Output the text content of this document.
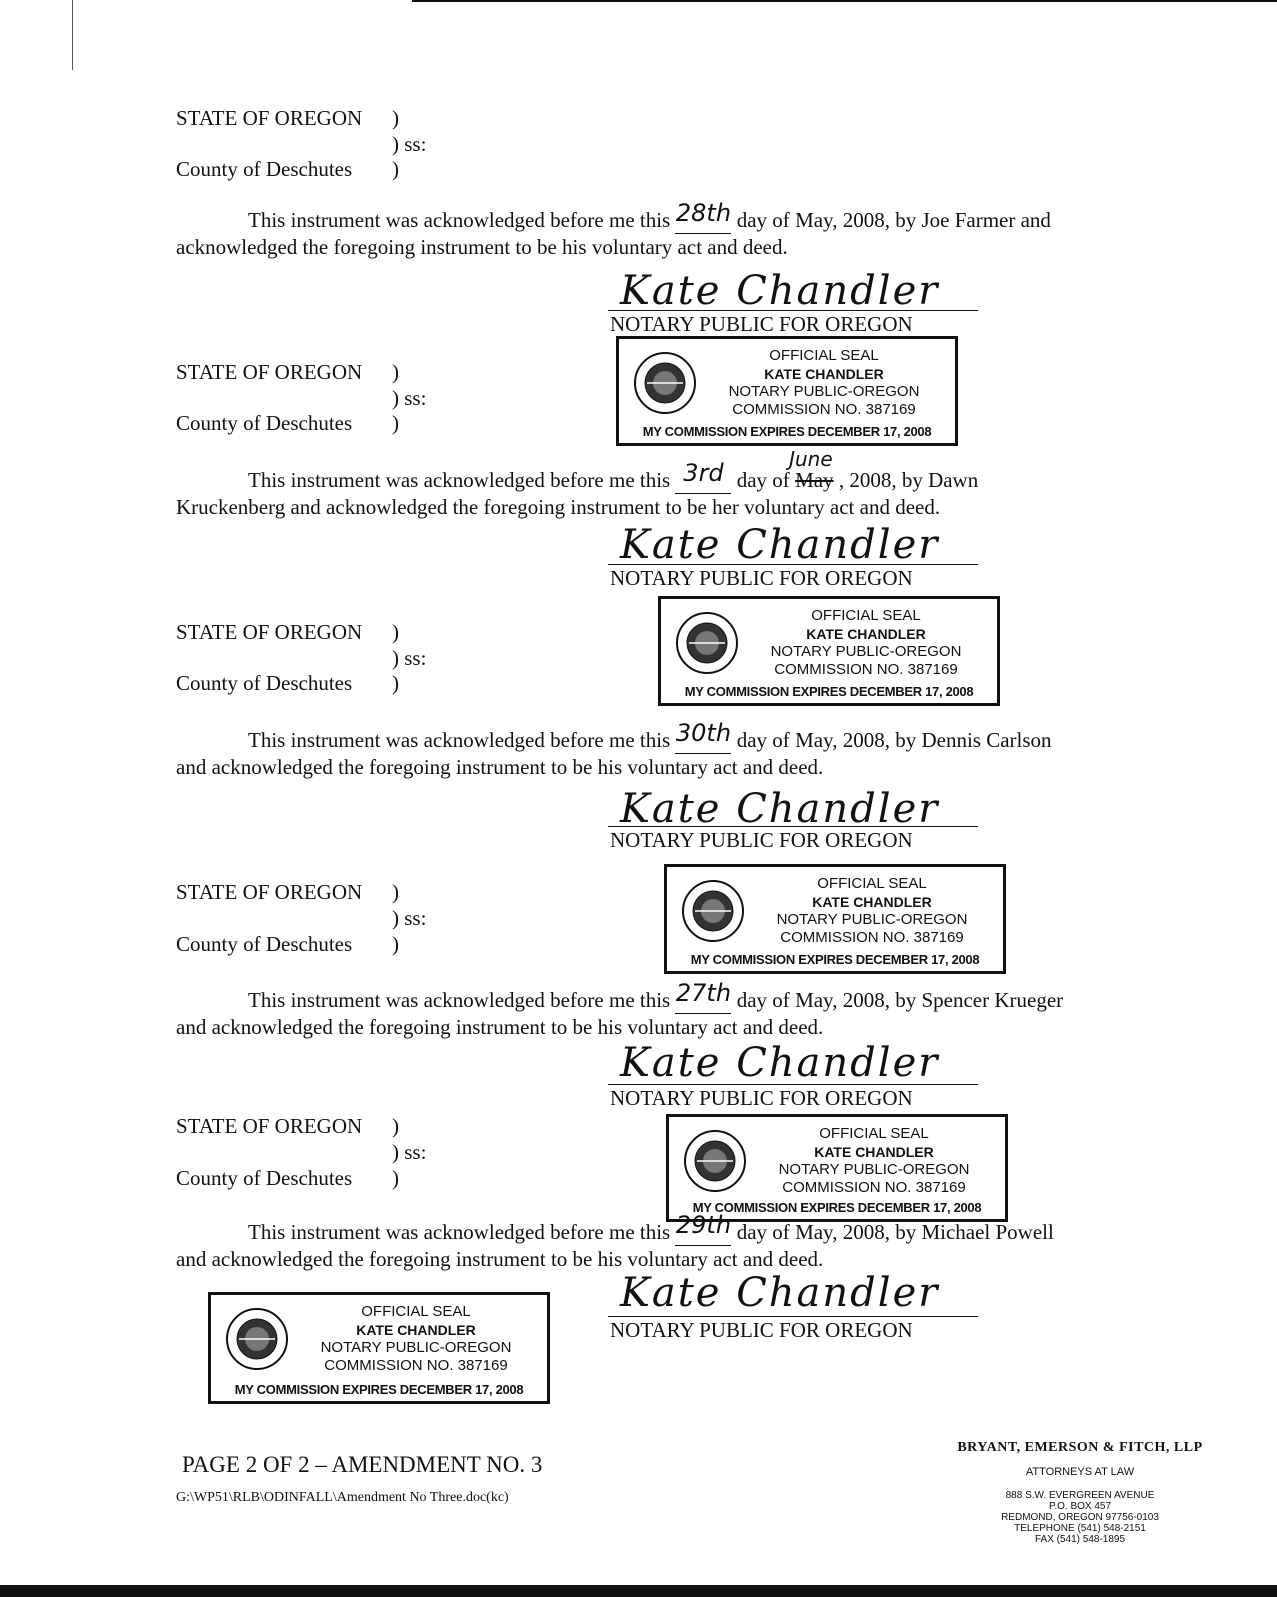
STATE OF OREGON )
) ss:
County of Deschutes )
This instrument was acknowledged before me this 28th day of May, 2008, by Joe Farmer and
acknowledged the foregoing instrument to be his voluntary act and deed.
Kate Chandler
NOTARY PUBLIC FOR OREGON
OFFICIAL SEAL
KATE CHANDLER
NOTARY PUBLIC-OREGON
COMMISSION NO. 387169
MY COMMISSION EXPIRES DECEMBER 17, 2008
STATE OF OREGON )
) ss:
County of Deschutes )
This instrument was acknowledged before me this 3rd day of May
June
, 2008, by Dawn
Kruckenberg and acknowledged the foregoing instrument to be her voluntary act and deed.
Kate Chandler
NOTARY PUBLIC FOR OREGON
OFFICIAL SEAL
KATE CHANDLER
NOTARY PUBLIC-OREGON
COMMISSION NO. 387169
MY COMMISSION EXPIRES DECEMBER 17, 2008
STATE OF OREGON )
) ss:
County of Deschutes )
This instrument was acknowledged before me this 30th day of May, 2008, by Dennis Carlson
and acknowledged the foregoing instrument to be his voluntary act and deed.
Kate Chandler
NOTARY PUBLIC FOR OREGON
OFFICIAL SEAL
KATE CHANDLER
NOTARY PUBLIC-OREGON
COMMISSION NO. 387169
MY COMMISSION EXPIRES DECEMBER 17, 2008
STATE OF OREGON )
) ss:
County of Deschutes )
This instrument was acknowledged before me this 27th day of May, 2008, by Spencer Krueger
and acknowledged the foregoing instrument to be his voluntary act and deed.
Kate Chandler
NOTARY PUBLIC FOR OREGON
OFFICIAL SEAL
KATE CHANDLER
NOTARY PUBLIC-OREGON
COMMISSION NO. 387169
MY COMMISSION EXPIRES DECEMBER 17, 2008
STATE OF OREGON )
) ss:
County of Deschutes )
This instrument was acknowledged before me this 29th day of May, 2008, by Michael Powell
and acknowledged the foregoing instrument to be his voluntary act and deed.
Kate Chandler
NOTARY PUBLIC FOR OREGON
OFFICIAL SEAL
KATE CHANDLER
NOTARY PUBLIC-OREGON
COMMISSION NO. 387169
MY COMMISSION EXPIRES DECEMBER 17, 2008
PAGE 2 OF 2 – AMENDMENT NO. 3
G:\WP51\RLB\ODINFALL\Amendment No Three.doc(kc)
BRYANT, EMERSON & FITCH, LLP
ATTORNEYS AT LAW
888 S.W. EVERGREEN AVENUE
P.O. BOX 457
REDMOND, OREGON 97756-0103
TELEPHONE (541) 548-2151
FAX (541) 548-1895
